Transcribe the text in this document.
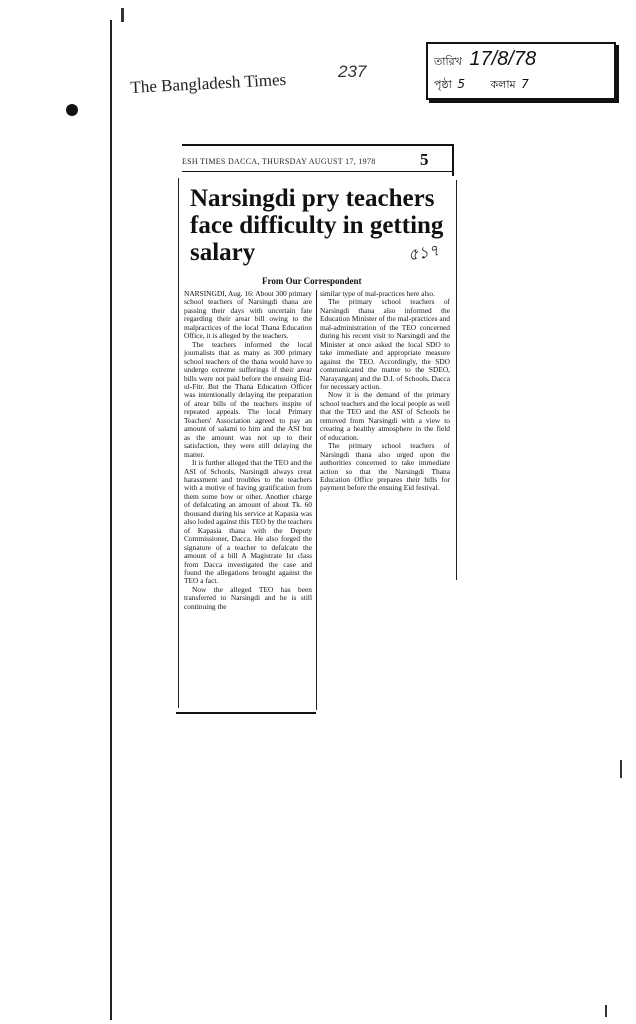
The Bangladesh Times	237
তারিখ 17/8/78
পৃষ্ঠা 5 কলাম 7
ESH TIMES DACCA, THURSDAY AUGUST 17, 1978	5
Narsingdi pry teachers face difficulty in getting salary	৫১৭
From Our Correspondent

NARSINGDI, Aug. 16: About 300 primary school teachers of Narsingdi thana are passing their days with uncertain fate regarding their arear bill owing to the malpractices of the local Thana Education Office, it is alleged by the teachers.

The teachers informed the local journalists that as many as 300 primary school teachers of the thana would have to undergo extreme sufferings if their arear bills were not paid before the ensuing Eid-ul-Fitr. But the Thana Education Officer was intentionally delaying the preparation of arear bills of the teachers inspite of repeated appeals. The local Primary Teachers' Association agreed to pay an amount of salami to him and the ASI but as the amount was not up to their satisfaction, they were still delaying the matter.

It is further alleged that the TEO and the ASI of Schools, Narsingdi always creat harassment and troubles to the teachers with a motive of having gratification from them some how or other. Another charge of defalcating an amount of about Tk. 60 thousand during his service at Kapasia was also loded against this TEO by the teachers of Kapasia thana with the Deputy Commissioner, Dacca. He also forged the signature of a teacher to defalcate the amount of a bill A Magistrate Ist class from Dacca investigated the case and found the allegations brought against the TEO a fact.

Now the alleged TEO has been transferred to Narsingdi and he is still continuing the

similar type of mal-practices here also.

The primary school teachers of Narsingdi thana also informed the Education Minister of the mal-practices and mal-administration of the TEO concerned during his recent visit to Narsingdi and the Minister at once asked the local SDO to take immediate and appropriate measure against the TEO. Accordingly, the SDO communicated the matter to the SDEO, Narayanganj and the D.I. of Schools, Dacca for necessary action.

Now it is the demand of the primary school teachers and the local people as well that the TEO and the ASI of Schools be removed from Narsingdi with a view to creating a healthy atmosphere in the field of education.

The primary school teachers of Narsingdi thana also urged upon the authorities concerned to take immediate action so that the Narsingdi Thana Education Office prepares their bills for payment before the ensuing Eid festival.
